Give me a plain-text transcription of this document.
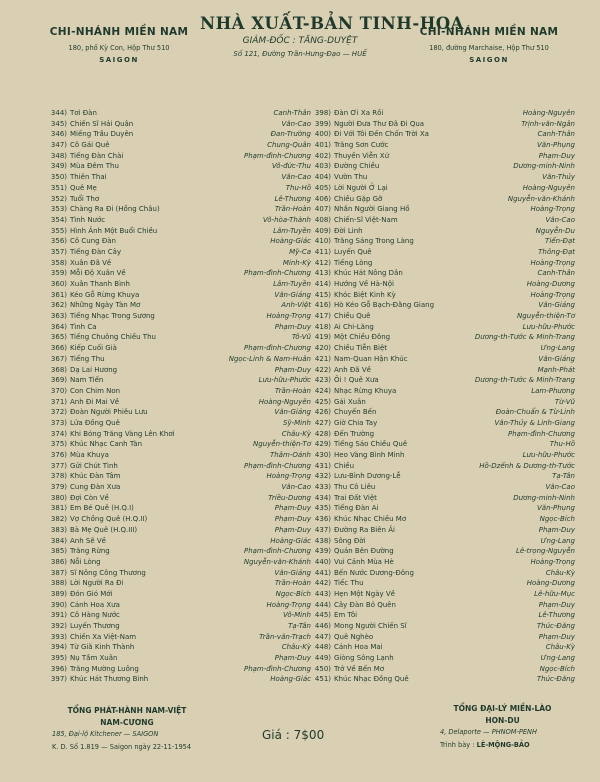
CHI-NHÁNH MIỀN NAM
180, phố Kỳ Con, Hộp Thư 510
SAIGON
NHÀ XUẤT-BẢN TINH-HOA
GIÁM-ĐỐC : TĂNG-DUYỆT
Số 121, Đường Trần-Hưng-Đạo — HUẾ
CHI-NHÁNH MIỀN NAM
180, đường Marchaise, Hộp Thư 510
SAIGON
344) Tơi Đàn	Canh-Thân
345) Chiến Sĩ Hải Quân	Văn-Cao
346) Miếng Trầu Duyên	Đan-Trường
347) Cô Gái Quê	Chung-Quân
348) Tiếng Đàn Chài	Phạm-đình-Chương
349) Mùa Đêm Thu	Võ-đức-Thu
350) Thiên Thai	Văn-Cao
351) Quê Mẹ	Thu-Hồ
352) Tuổi Thơ	Lê-Thương
353) Chàng Ra Đi (Hồng Châu)	Trần-Hoàn
354) Tình Nước	Võ-hòa-Thành
355) Hình Ảnh Một Buổi Chiều	Lâm-Tuyền
356) Cô Cung Đàn	Hoàng-Giác
357) Tiếng Đàn Cây	Mỹ-Ca
358) Xuân Đã Về	Minh-Kỳ
359) Mỗi Độ Xuân Về	Phạm-đình-Chương
360) Xuân Thanh Bình	Lâm-Tuyền
361) Kéo Gỗ Rừng Khuya	Văn-Giảng
362) Những Ngày Tàn Mơ	Anh-Việt
363) Tiếng Nhạc Trong Sương	Hoàng-Trọng
364) Tình Ca	Phạm-Duy
365) Tiếng Chuông Chiều Thu	Tô-Vũ
366) Kiếp Cuối Già	Phạm-đình-Chương
367) Tiếng Thu	Ngọc-Linh & Nam-Huân
368) Dạ Lai Hương	Phạm-Duy
369) Nam Tiến	Lưu-hữu-Phước
370) Con Chim Non	Trần-Hoàn
371) Anh Đi Mai Về	Hoàng-Nguyên
372) Đoàn Người Phiêu Lưu	Văn-Giảng
373) Lửa Đồng Quê	Sỹ-Minh
374) Khi Bóng Trăng Vàng Lên Khơi	Châu-Kỳ
375) Khúc Nhạc Canh Tàn	Nguyễn-thiện-Tơ
376) Mùa Khuya	Thâm-Oánh
377) Gửi Chút Tình	Phạm-đình-Chương
378) Khúc Đàn Tâm	Hoàng-Trọng
379) Cung Đàn Xưa	Văn-Cao
380) Đợi Còn Về	Triều-Dương
381) Em Bé Quê (H.Q.I)	Phạm-Duy
382) Vợ Chồng Quê (H.Q.II)	Phạm-Duy
383) Bà Mẹ Quê (H.Q.III)	Phạm-Duy
384) Anh Sẽ Về	Hoàng-Giác
385) Trăng Rừng	Phạm-đình-Chương
386) Nỗi Lòng	Nguyễn-văn-Khánh
387) Sĩ Nông Công Thương	Văn-Giảng
388) Lời Người Ra Đi	Trần-Hoàn
389) Đón Gió Mới	Ngọc-Bích
390) Cánh Hoa Xưa	Hoàng-Trọng
391) Cô Hàng Nước	Võ-Minh
392) Luyến Thương	Tạ-Tân
393) Chiến Xa Việt-Nam	Trần-văn-Trạch
394) Từ Giã Kinh Thành	Châu-Kỳ
395) Nụ Tầm Xuân	Phạm-Duy
396) Trăng Mường Luông	Phạm-đình-Chương
397) Khúc Hát Thương Binh	Hoàng-Giác
398) Đàn Ơi Xa Rồi	Hoàng-Nguyên
399) Người Đưa Thư Đã Đi Qua	Trịnh-văn-Ngân
400) Đi Với Tôi Đến Chốn Trời Xa	Canh-Thân
401) Trăng Sơn Cước	Văn-Phụng
402) Thuyền Viễn Xứ	Phạm-Duy
403) Đường Chiều	Dương-minh-Ninh
404) Vườn Thu	Văn-Thủy
405) Lời Người Ở Lại	Hoàng-Nguyên
406) Chiều Gặp Gỡ	Nguyễn-văn-Khánh
407) Nhắn Người Giang Hồ	Hoàng-Trọng
408) Chiến-Sĩ Việt-Nam	Văn-Cao
409) Đời Linh	Nguyễn-Du
410) Trăng Sáng Trong Làng	Tiến-Đạt
411) Luyến Quê	Thông-Đạt
412) Tiếng Lòng	Hoàng-Trọng
413) Khúc Hát Nông Dân	Canh-Thân
414) Hướng Về Hà-Nội	Hoàng-Dương
415) Khóc Biệt Kinh Kỳ	Hoàng-Trọng
416) Hò Kéo Gỗ Bạch-Đằng Giang	Văn-Giảng
417) Chiều Quê	Nguyễn-thiện-Tơ
418) Ai Chi-Lăng	Lưu-hữu-Phước
419) Một Chiều Đông	Dương-th-Tước & Minh-Trang
420) Chiều Tiễn Biệt	Ưng-Lang
421) Nam-Quan Hận Khúc	Văn-Giảng
422) Anh Đã Về	Mạnh-Phát
423) Ôi ! Quê Xưa	Dương-th-Tước & Minh-Trang
424) Nhạc Rừng Khuya	Lam-Phương
425) Gái Xuân	Từ-Vũ
426) Chuyến Bến	Đoàn-Chuẩn & Từ-Linh
427) Giờ Chia Tay	Văn-Thủy & Linh-Giang
428) Đến Trường	Phạm-đình-Chương
429) Tiếng Sáo Chiều Quê	Thu-Hồ
430) Heo Vàng Bình Minh	Lưu-hữu-Phước
431) Chiều	Hồ-Dzếnh & Dương-th-Tước
432) Lưu-Bình Dương-Lễ	Tạ-Tân
433) Thu Cô Liêu	Văn-Cao
434) Trai Đất Việt	Dương-minh-Ninh
435) Tiếng Đàn Ai	Văn-Phụng
436) Khúc Nhạc Chiều Mơ	Ngọc-Bích
437) Đường Ra Biên Ải	Phạm-Duy
438) Sông Đời	Ưng-Lang
439) Quán Bên Đường	Lê-trọng-Nguyễn
440) Vui Cảnh Mùa Hè	Hoàng-Trọng
441) Bến Nước Dương-Đông	Châu-Kỳ
442) Tiếc Thu	Hoàng-Dương
443) Hẹn Một Ngày Về	Lê-hữu-Mục
444) Cây Đàn Bỏ Quên	Phạm-Duy
445) Em Tôi	Lê-Thương
446) Mong Người Chiến Sĩ	Thúc-Đăng
447) Quê Nghèo	Phạm-Duy
448) Cánh Hoa Mai	Châu-Kỳ
449) Giòng Sông Lạnh	Ưng-Lang
450) Trở Về Bến Mơ	Ngọc-Bích
451) Khúc Nhạc Đồng Quê	Thúc-Đăng
TỔNG PHÁT-HÀNH NAM-VIỆT
NAM-CƯƠNG
185, Đại-lộ Kitchener — SAIGON
K. D. Số 1.819 — Saigon ngày 22-11-1954
Giá : 7$00
TỔNG ĐẠI-LÝ MIỀN-LÀO
HON-DU
4, Delaporte — PHNOM-PENH
Trình bày : LÊ-MỘNG-BẢO
